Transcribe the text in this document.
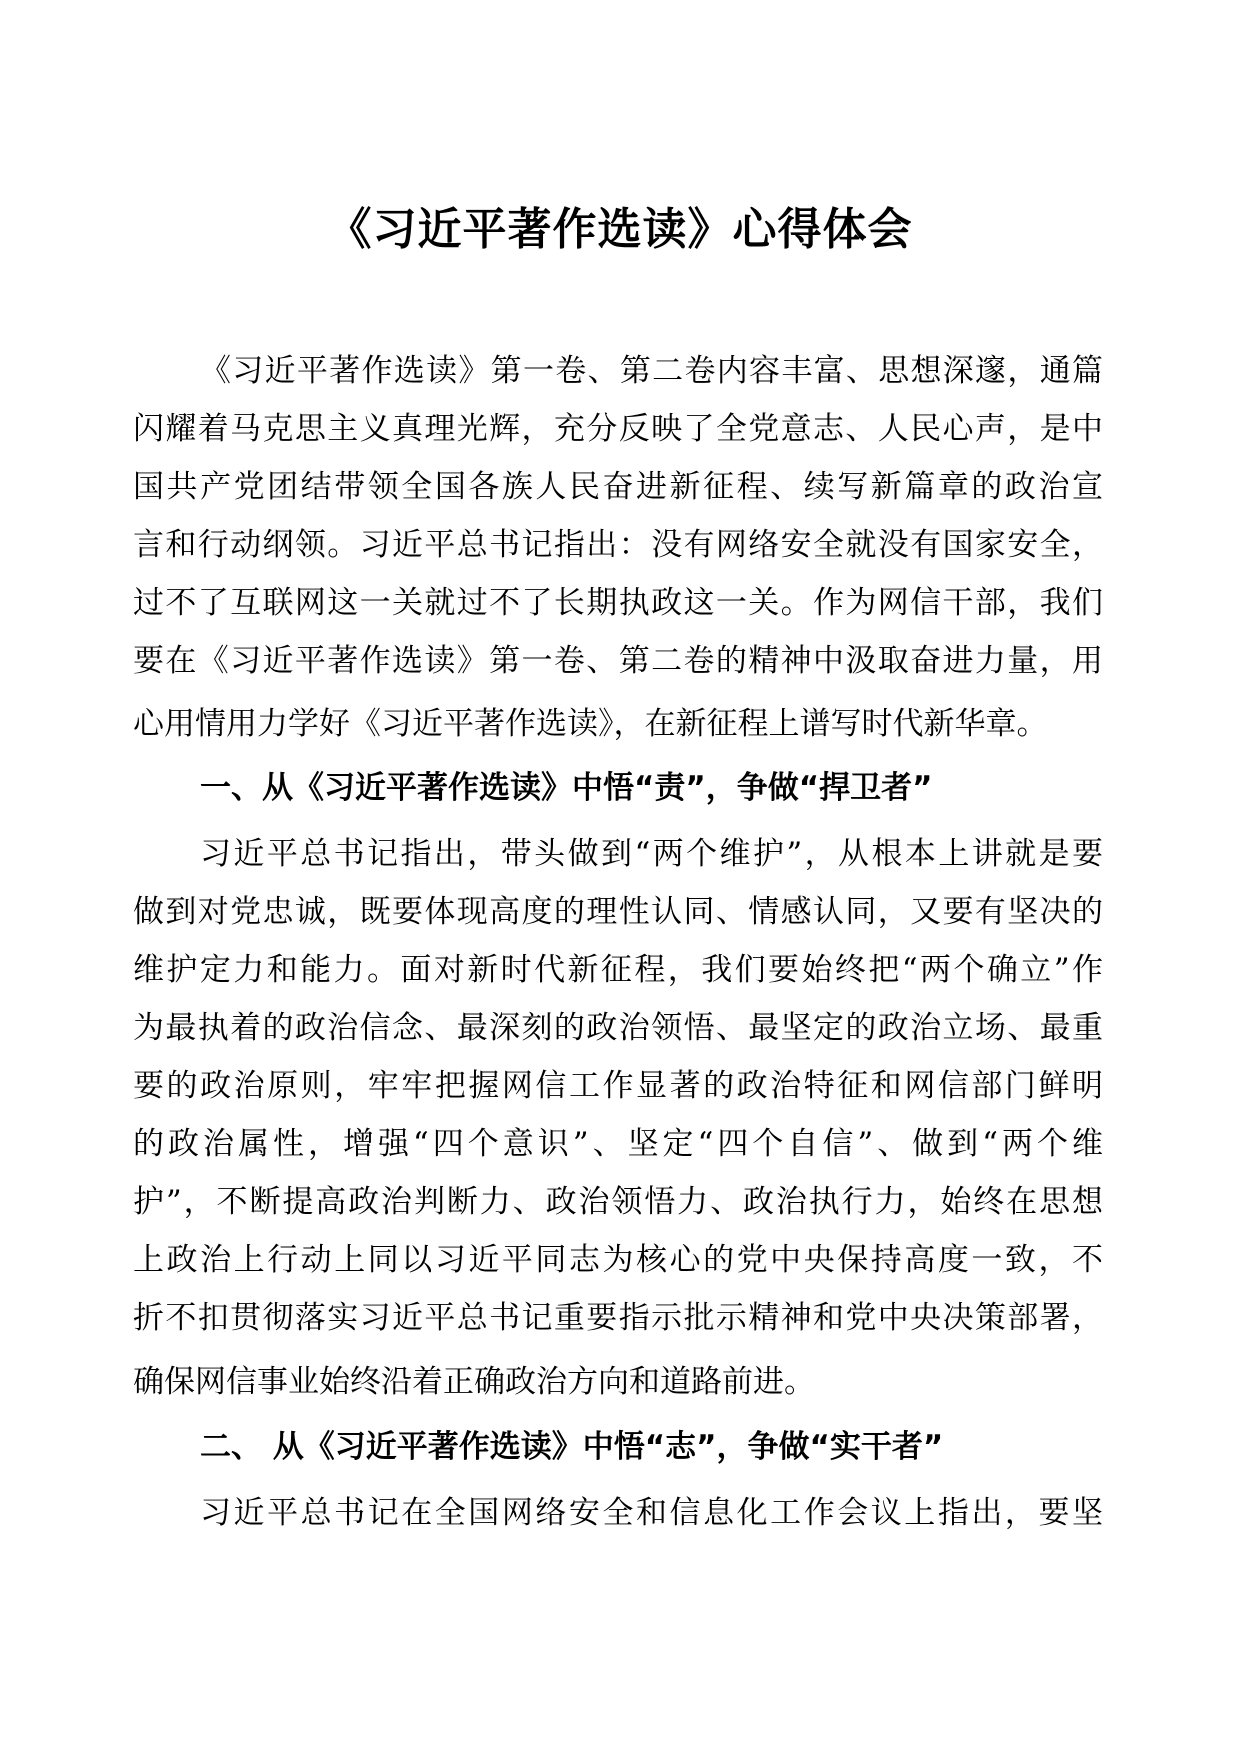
《习近平著作选读》心得体会

《习近平著作选读》第一卷、第二卷内容丰富、思想深邃，通篇

闪耀着马克思主义真理光辉，充分反映了全党意志、人民心声，是中

国共产党团结带领全国各族人民奋进新征程、续写新篇章的政治宣

言和行动纲领。习近平总书记指出：没有网络安全就没有国家安全，

过不了互联网这一关就过不了长期执政这一关。作为网信干部，我们

要在《习近平著作选读》第一卷、第二卷的精神中汲取奋进力量，用

心用情用力学好《习近平著作选读》，在新征程上谱写时代新华章。

一、从《习近平著作选读》中悟“责”，争做“捍卫者”

习近平总书记指出，带头做到“两个维护”，从根本上讲就是要

做到对党忠诚，既要体现高度的理性认同、情感认同，又要有坚决的

维护定力和能力。面对新时代新征程，我们要始终把“两个确立”作

为最执着的政治信念、最深刻的政治领悟、最坚定的政治立场、最重

要的政治原则，牢牢把握网信工作显著的政治特征和网信部门鲜明

的政治属性，增强“四个意识”、坚定“四个自信”、做到“两个维

护”，不断提高政治判断力、政治领悟力、政治执行力，始终在思想

上政治上行动上同以习近平同志为核心的党中央保持高度一致，不

折不扣贯彻落实习近平总书记重要指示批示精神和党中央决策部署，

确保网信事业始终沿着正确政治方向和道路前进。

二、 从《习近平著作选读》中悟“志”，争做“实干者”

习近平总书记在全国网络安全和信息化工作会议上指出，要坚
